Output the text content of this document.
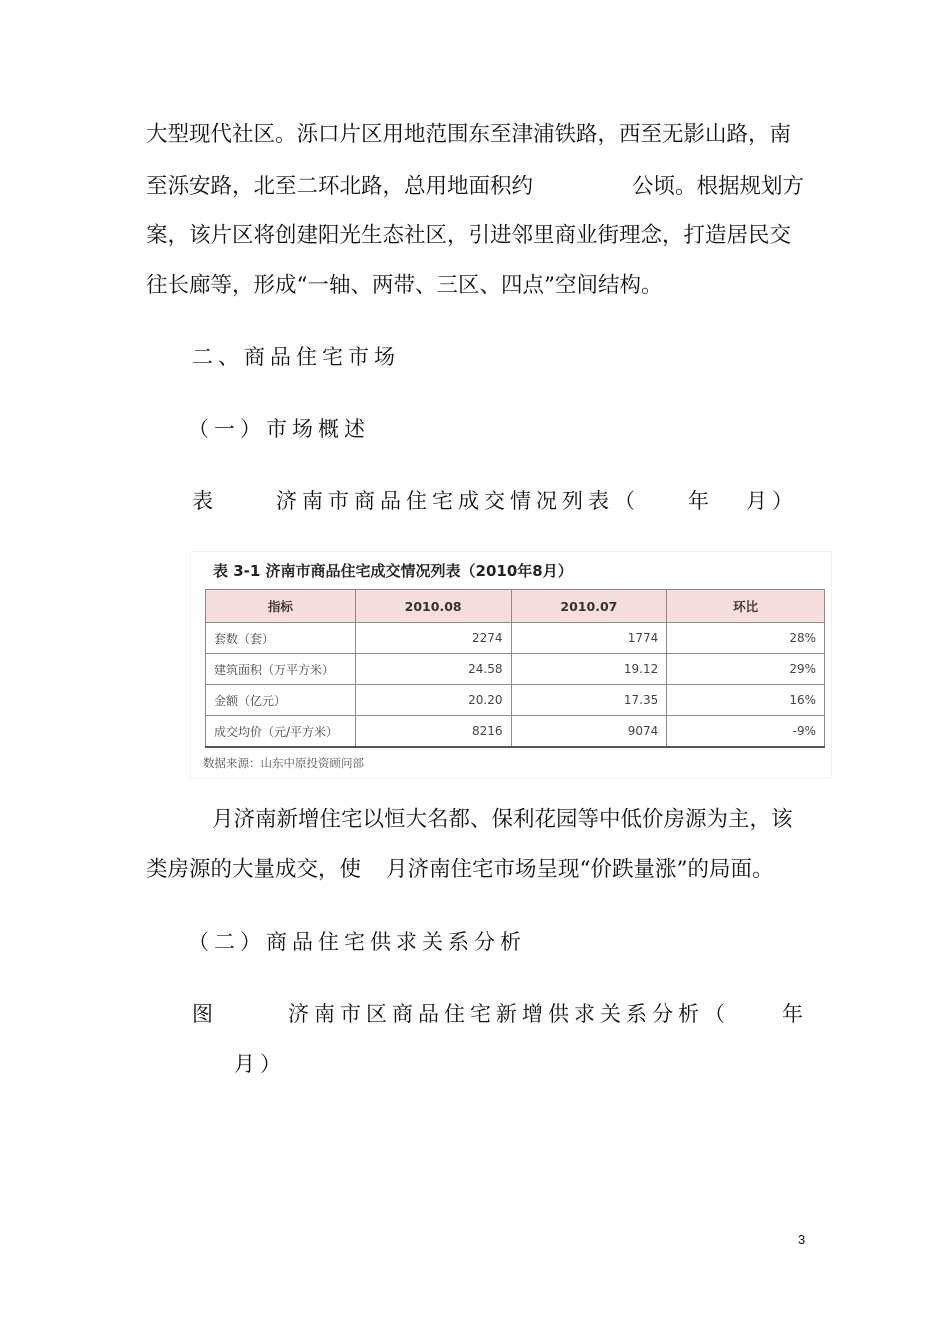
大型现代社区。泺口片区用地范围东至津浦铁路，西至无影山路，南
至泺安路，北至二环北路，总用地面积约	公顷。根据规划方
案，该片区将创建阳光生态社区，引进邻里商业街理念，打造居民交
往长廊等，形成“一轴、两带、三区、四点”空间结构。
二、商品住宅市场
（一）市场概述
表	济南市商品住宅成交情况列表（ 年 月）
表 3-1 济南市商品住宅成交情况列表（2010年8月）
指标	2010.08	2010.07	环比
套数（套）	2274	1774	28%
建筑面积（万平方米）	24.58	19.12	29%
金额（亿元）	20.20	17.35	16%
成交均价（元/平方米）	8216	9074	-9%
数据来源：山东中原投资顾问部
月济南新增住宅以恒大名都、保利花园等中低价房源为主，该
类房源的大量成交，使 月济南住宅市场呈现“价跌量涨”的局面。
（二）商品住宅供求关系分析
图	济南市区商品住宅新增供求关系分析（ 年
月）
3
